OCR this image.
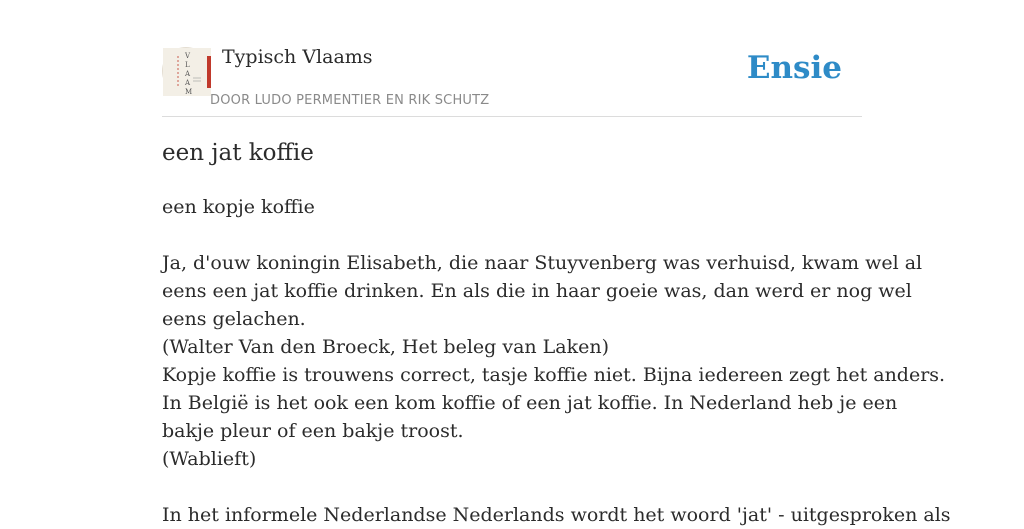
V
L
A
A
M
Typisch Vlaams
DOOR LUDO PERMENTIER EN RIK SCHUTZ
Ensie
een jat koffie

een kopje koffie

Ja, d'ouw koningin Elisabeth, die naar Stuyvenberg was verhuisd, kwam wel al
eens een jat koffie drinken. En als die in haar goeie was, dan werd er nog wel
eens gelachen.
(Walter Van den Broeck, Het beleg van Laken)
Kopje koffie is trouwens correct, tasje koffie niet. Bijna iedereen zegt het anders.
In België is het ook een kom koffie of een jat koffie. In Nederland heb je een
bakje pleur of een bakje troost.
(Wablieft)
In het informele Nederlandse Nederlands wordt het woord 'jat' - uitgesproken als
